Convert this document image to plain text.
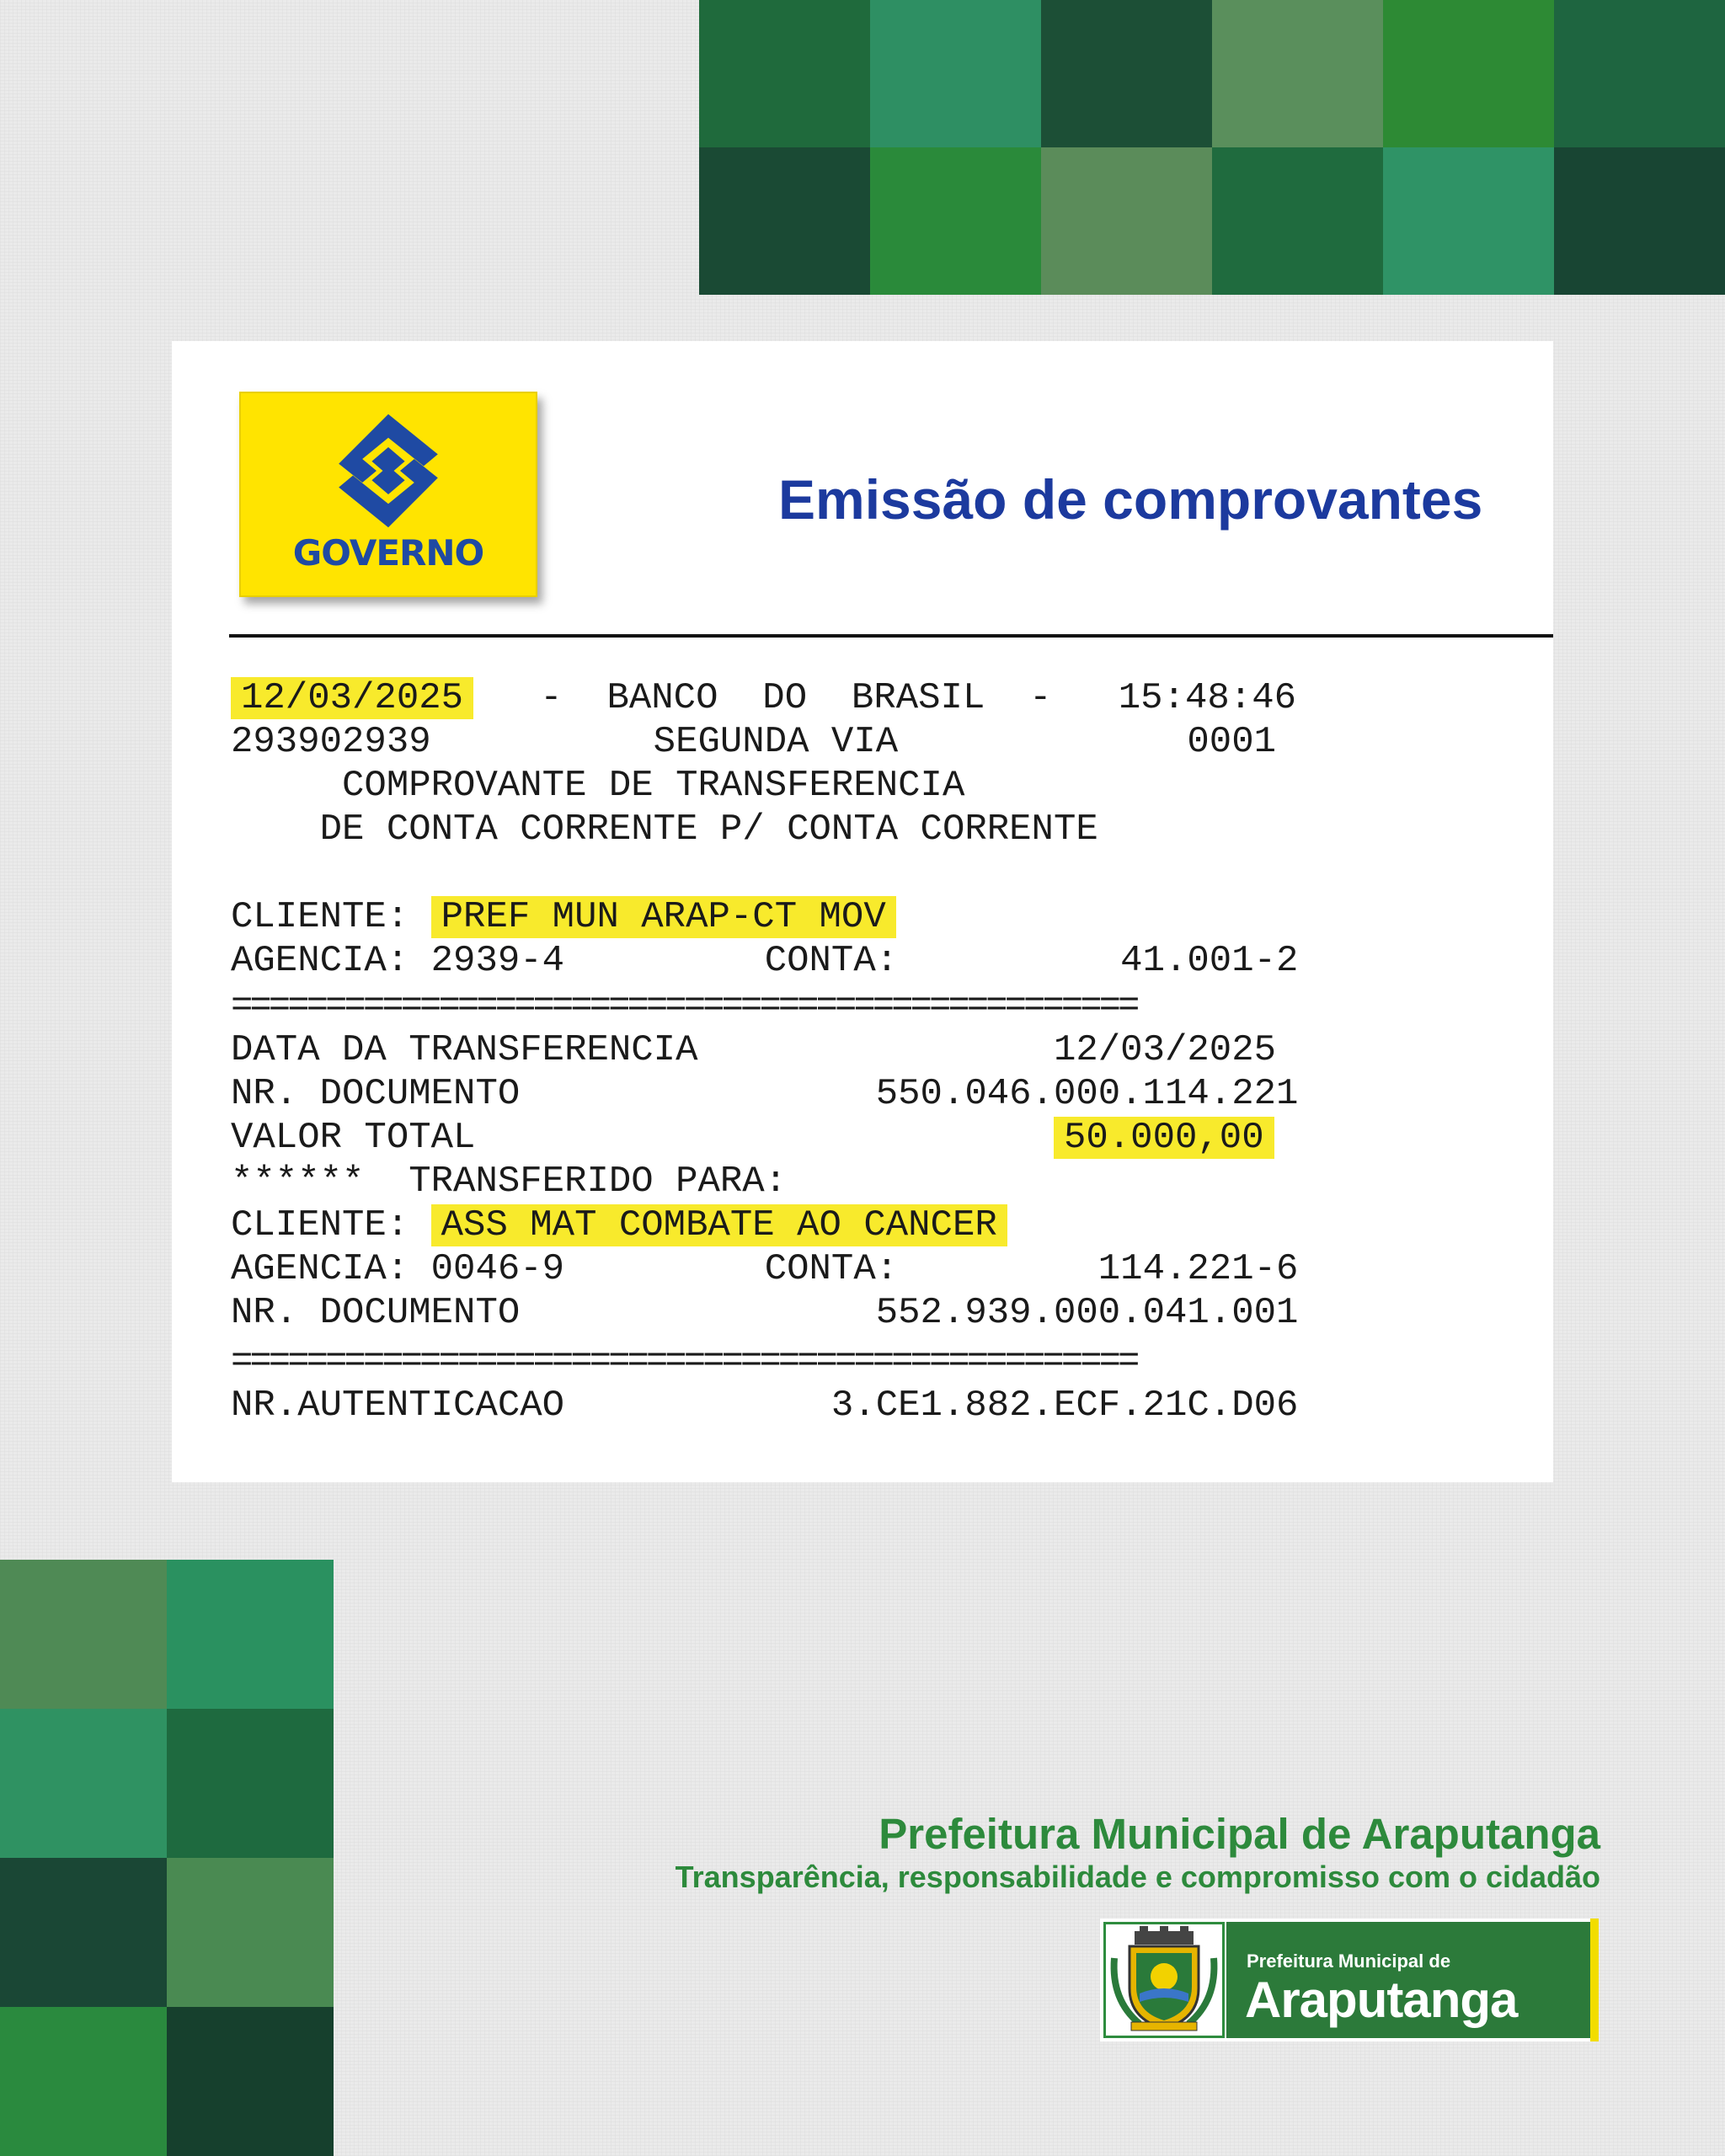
GOVERNO
Emissão de comprovantes
12/03/2025   -  BANCO  DO  BRASIL  -   15:48:46
293902939          SEGUNDA VIA             0001
COMPROVANTE DE TRANSFERENCIA
DE CONTA CORRENTE P/ CONTA CORRENTE
CLIENTE: PREF MUN ARAP-CT MOV
AGENCIA: 2939-4         CONTA:          41.001-2
================================================
DATA DA TRANSFERENCIA                12/03/2025
NR. DOCUMENTO                550.046.000.114.221
VALOR TOTAL                          50.000,00
******  TRANSFERIDO PARA:
CLIENTE: ASS MAT COMBATE AO CANCER
AGENCIA: 0046-9         CONTA:         114.221-6
NR. DOCUMENTO                552.939.000.041.001
================================================
NR.AUTENTICACAO            3.CE1.882.ECF.21C.D06
Prefeitura Municipal de Araputanga
Transparência, responsabilidade e compromisso com o cidadão
Prefeitura Municipal de
Araputanga
